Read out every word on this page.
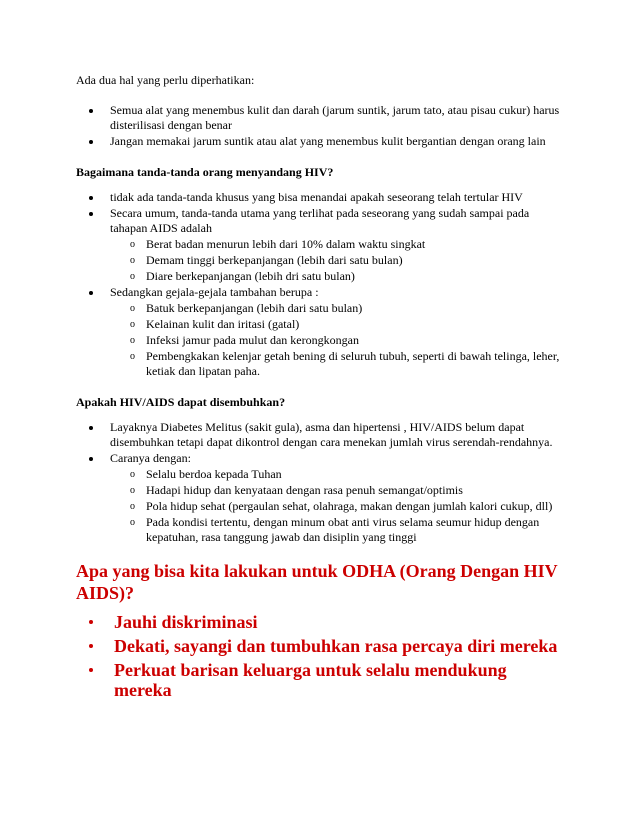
Ada dua hal yang perlu diperhatikan:

Semua alat yang menembus kulit dan darah (jarum suntik, jarum tato, atau pisau cukur) harus disterilisasi dengan benar
Jangan memakai jarum suntik atau alat yang menembus kulit bergantian dengan orang lain

Bagaimana tanda-tanda orang menyandang HIV?

tidak ada tanda-tanda khusus yang bisa menandai apakah seseorang telah tertular HIV
Secara umum, tanda-tanda utama yang terlihat pada seseorang yang sudah sampai pada tahapan AIDS adalah
o Berat badan menurun lebih dari 10% dalam waktu singkat
o Demam tinggi berkepanjangan (lebih dari satu bulan)
o Diare berkepanjangan (lebih dri satu bulan)
Sedangkan gejala-gejala tambahan berupa :
o Batuk berkepanjangan (lebih dari satu bulan)
o Kelainan kulit dan iritasi (gatal)
o Infeksi jamur pada mulut dan kerongkongan
o Pembengkakan kelenjar getah bening di seluruh tubuh, seperti di bawah telinga, leher, ketiak dan lipatan paha.

Apakah HIV/AIDS dapat disembuhkan?

Layaknya Diabetes Melitus (sakit gula), asma dan hipertensi , HIV/AIDS belum dapat disembuhkan tetapi dapat dikontrol dengan cara menekan jumlah virus serendah-rendahnya.
Caranya dengan:
o Selalu berdoa kepada Tuhan
o Hadapi hidup dan kenyataan dengan rasa penuh semangat/optimis
o Pola hidup sehat (pergaulan sehat, olahraga, makan dengan jumlah kalori cukup, dll)
o Pada kondisi tertentu, dengan minum obat anti virus selama seumur hidup dengan kepatuhan, rasa tanggung jawab dan disiplin yang tinggi

Apa yang bisa kita lakukan untuk ODHA (Orang Dengan HIV AIDS)?

Jauhi diskriminasi
Dekati, sayangi dan tumbuhkan rasa percaya diri mereka
Perkuat barisan keluarga untuk selalu mendukung mereka
